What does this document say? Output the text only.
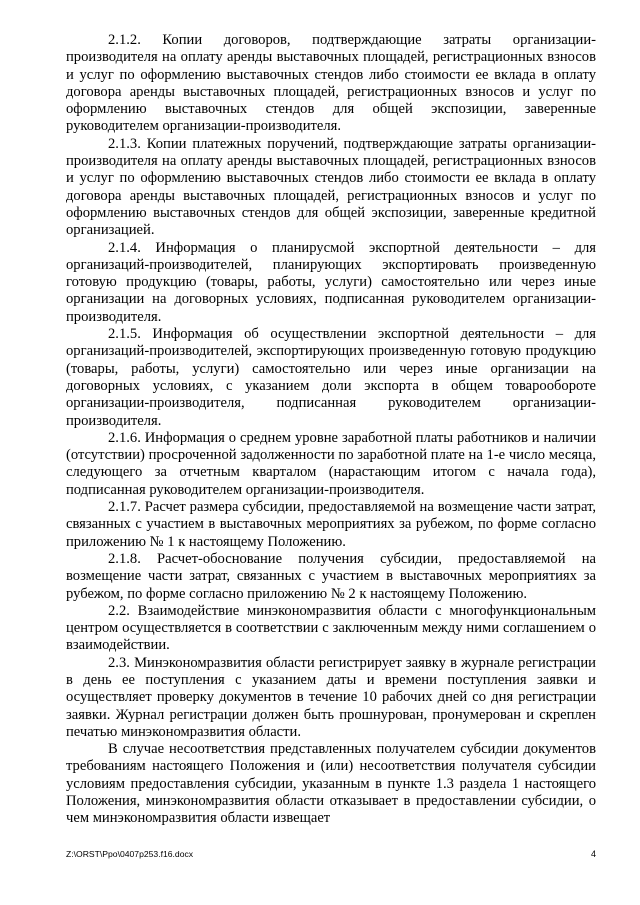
2.1.2. Копии договоров, подтверждающие затраты организации-производителя на оплату аренды выставочных площадей, регистрационных взносов и услуг по оформлению выставочных стендов либо стоимости ее вклада в оплату договора аренды выставочных площадей, регистрационных взносов и услуг по оформлению выставочных стендов для общей экспозиции, заверенные руководителем организации-производителя.

2.1.3. Копии платежных поручений, подтверждающие затраты организации-производителя на оплату аренды выставочных площадей, регистрационных взносов и услуг по оформлению выставочных стендов либо стоимости ее вклада в оплату договора аренды выставочных площадей, регистрационных взносов и услуг по оформлению выставочных стендов для общей экспозиции, заверенные кредитной организацией.

2.1.4. Информация о планирусмой экспортной деятельности – для организаций-производителей, планирующих экспортировать произведенную готовую продукцию (товары, работы, услуги) самостоятельно или через иные организации на договорных условиях, подписанная руководителем организации-производителя.

2.1.5. Информация об осуществлении экспортной деятельности – для организаций-производителей, экспортирующих произведенную готовую продукцию (товары, работы, услуги) самостоятельно или через иные организации на договорных условиях, с указанием доли экспорта в общем товарообороте организации-производителя, подписанная руководителем организации-производителя.

2.1.6. Информация о среднем уровне заработной платы работников и наличии (отсутствии) просроченной задолженности по заработной плате на 1-е число месяца, следующего за отчетным кварталом (нарастающим итогом с начала года), подписанная руководителем организации-производителя.

2.1.7. Расчет размера субсидии, предоставляемой на возмещение части затрат, связанных с участием в выставочных мероприятиях за рубежом, по форме согласно приложению № 1 к настоящему Положению.

2.1.8. Расчет-обоснование получения субсидии, предоставляемой на возмещение части затрат, связанных с участием в выставочных мероприятиях за рубежом, по форме согласно приложению № 2 к настоящему Положению.

2.2. Взаимодействие минэкономразвития области с многофункциональным центром осуществляется в соответствии с заключенным между ними соглашением о взаимодействии.

2.3. Минэкономразвития области регистрирует заявку в журнале регистрации в день ее поступления с указанием даты и времени поступления заявки и осуществляет проверку документов в течение 10 рабочих дней со дня регистрации заявки. Журнал регистрации должен быть прошнурован, пронумерован и скреплен печатью минэкономразвития области.

В случае несоответствия представленных получателем субсидии документов требованиям настоящего Положения и (или) несоответствия получателя субсидии условиям предоставления субсидии, указанным в пункте 1.3 раздела 1 настоящего Положения, минэкономразвития области отказывает в предоставлении субсидии, о чем минэкономразвития области извещает

Z:\ORST\Ppo\0407p253.f16.docx	4
